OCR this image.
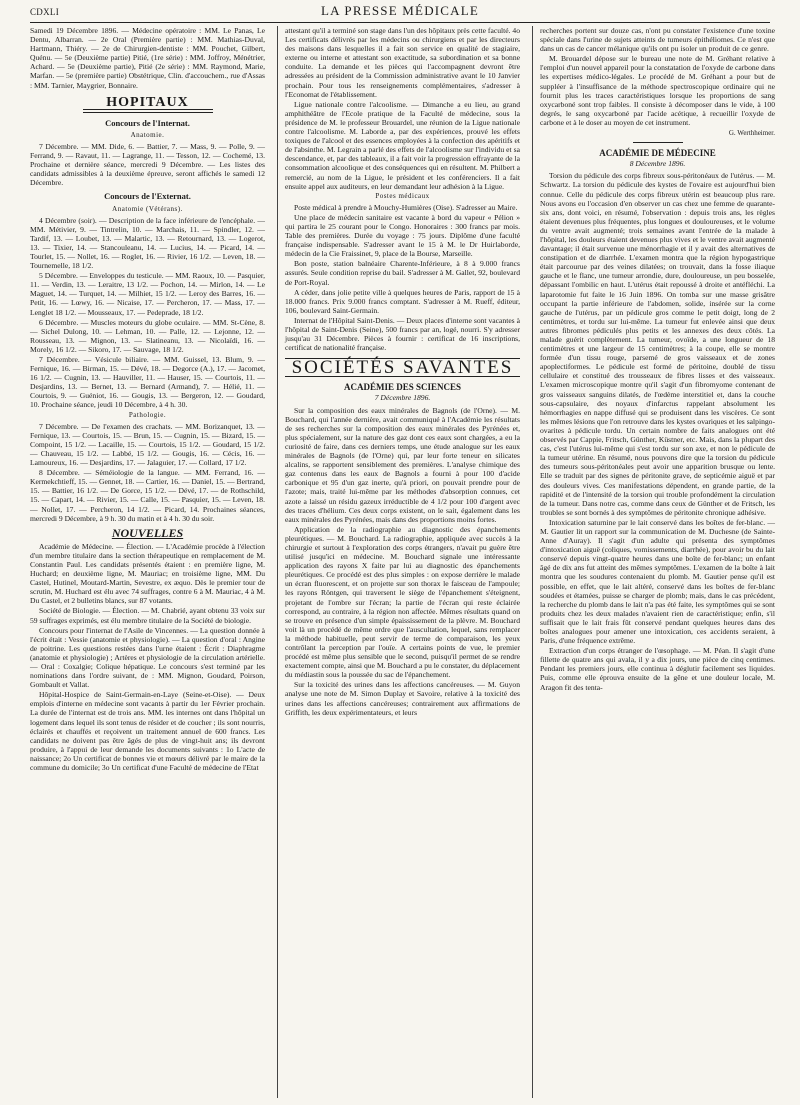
CDXLI	LA PRESSE MÉDICALE

Samedi 19 Décembre 1896. — Médecine opératoire : MM. Le Panas, Le Dentu, Albarran. — 2e Oral (Première partie) : MM. Mathias-Duval, Hartmann, Thiéry. — 2e de Chirurgien-dentiste : MM. Pouchet, Gilbert, Quénu. — 5e (Deuxième partie) Pitié, (1re série) : MM. Joffroy, Ménétrier, Achard. — 5e (Deuxième partie), Pitié (2e série) : MM. Raymond, Marie, Marfan. — 5e (première partie) Obstétrique, Clin. d'accouchem., rue d'Assas : MM. Tarnier, Maygrier, Bonnaire.

HOPITAUX
Concours de l'Internat.
Anatomie.

7 Décembre. — MM. Dide, 6. — Battier, 7. — Mass, 9. — Polle, 9. — Ferrand, 9. — Ravaut, 11. — Lagrange, 11. — Tesson, 12. — Cochemé, 13. Prochaine et dernière séance, mercredi 9 Décembre. — Les listes des candidats admissibles à la deuxième épreuve, seront affichés le samedi 12 Décembre.

Concours de l'Externat.
Anatomie (Vétérans).

4 Décembre (soir). — Description de la face inférieure de l'encéphale. — MM. Métivier, 9. — Tintrelin, 10. — Marchais, 11. — Spindler, 12. — Tardif, 13. — Loubet, 13. — Malartic, 13. — Retournard, 13. — Logerot, 13. — Tixier, 14. — Stancouleanu, 14. — Lucius, 14. — Picard, 14. — Tourlet, 15. — Nollet, 16. — Roglet, 16. — Rivier, 16 1/2. — Leven, 18. — Tournemelle, 18 1/2.

5 Décembre. — Enveloppes du testicule. — MM. Raoux, 10. — Pasquier, 11. — Verdin, 13. — Leraitre, 13 1/2. — Pochon, 14. — Mirlon, 14. — Le Maguet, 14. — Turquet, 14. — Milhiet, 15 1/2. — Leroy des Barres, 16. — Petit, 16. — Lœwy, 16. — Nicaise, 17. — Percheron, 17. — Mass, 17. — Lenglet 18 1/2. — Mousseaux, 17. — Pedeprade, 18 1/2.

6 Décembre. — Muscles moteurs du globe oculaire. — MM. St-Cène, 8. — Sichel Dulong, 10. — Lehman, 10. — Palle, 12. — Lejonne, 12. — Rousseau, 13. — Mignon, 13. — Slatineanu, 13. — Nicolaïdi, 16. — Morely, 16 1/2. — Sikoro, 17. — Sauvage, 18 1/2.

7 Décembre. — Vésicule biliaire. — MM. Guissel, 13. Blum, 9. — Fernique, 16. — Birman, 15. — Dévé, 18. — Degorce (A.), 17. — Jacomet, 16 1/2. — Cugnin, 13. — Hauviller, 11. — Hauser, 15. — Courtois, 11. — Desjardins, 13. — Bernet, 13. — Bernard (Armand), 7. — Hélié, 11. — Courtois, 9. — Guéniot, 16. — Gougis, 13. — Bergeron, 12. — Goudard, 10. Prochaine séance, jeudi 10 Décembre, à 4 h. 30.

Pathologie.

7 Décembre. — De l'examen des crachats. — MM. Borizanquet, 13. — Fernique, 13. — Courtois, 15. — Brun, 15. — Cugnin, 15. — Bizard, 15. — Compoint, 15 1/2. — Lacaille, 15. — Courtois, 15 1/2. — Goudard, 15 1/2. — Chauveau, 15 1/2. — Labbé, 15 1/2. — Gougis, 16. — Cécis, 16. — Lamoureux, 16. — Desjardins, 17. — Jalaguier, 17. — Collard, 17 1/2.

8 Décembre. — Séméiologie de la langue. — MM. Ferrand, 16. — Kermekchtieff, 15. — Gennet, 18. — Cartier, 16. — Daniel, 15. — Bertrand, 15. — Battier, 16 1/2. — De Gorce, 15 1/2. — Dévé, 17. — de Rothschild, 15. — Capart, 14. — Rivier, 15. — Calle, 15. — Pasquier, 15. — Leven, 18. — Nollet, 17. — Percheron, 14 1/2. — Picard, 14. Prochaines séances, mercredi 9 Décembre, à 9 h. 30 du matin et à 4 h. 30 du soir.

NOUVELLES

Académie de Médecine. — Élection. — L'Académie procède à l'élection d'un membre titulaire dans la section thérapeutique en remplacement de M. Constantin Paul. Les candidats présentés étaient : en première ligne, M. Huchard; en deuxième ligne, M. Mauriac; en troisième ligne, MM. Du Castel, Hutinel, Moutard-Martin, Sevestre, ex æquo. Dès le premier tour de scrutin, M. Huchard est élu avec 74 suffrages, contre 6 à M. Mauriac, 4 à M. Du Castel, et 2 bulletins blancs, sur 87 votants.

Société de Biologie. — Élection. — M. Chabrié, ayant obtenu 33 voix sur 59 suffrages exprimés, est élu membre titulaire de la Société de biologie.

Concours pour l'internat de l'Asile de Vincennes. — La question donnée à l'écrit était : Vessie (anatomie et physiologie). — La question d'oral : Angine de poitrine. Les questions restées dans l'urne étaient : Écrit : Diaphragme (anatomie et physiologie) ; Artères et physiologie de la circulation artérielle. — Oral : Coxalgie; Colique hépatique. Le concours s'est terminé par les nominations dans l'ordre suivant, de : MM. Mignon, Goudard, Poirson, Gombault et Vallat.

Hôpital-Hospice de Saint-Germain-en-Laye (Seine-et-Oise). — Deux emplois d'interne en médecine sont vacants à partir du 1er Février prochain. La durée de l'internat est de trois ans. MM. les internes ont dans l'hôpital un logement dans lequel ils sont tenus de résider et de coucher ; ils sont nourris, éclairés et chauffés et reçoivent un traitement annuel de 600 francs. Les candidats ne doivent pas être âgés de plus de vingt-huit ans; ils devront produire, à l'appui de leur demande les documents suivants : 1o L'acte de naissance; 2o Un certificat de bonnes vie et mœurs délivré par le maire de la commune du domicile; 3o Un certificat d'une Faculté de médecine de l'Etat

attestant qu'il a terminé son stage dans l'un des hôpitaux près cette faculté. 4o Les certificats délivrés par les médecins ou chirurgiens et par les directeurs des maisons dans lesquelles il a fait son service en qualité de stagiaire, externe ou interne et attestant son exactitude, sa subordination et sa bonne conduite. La demande et les pièces qui l'accompagnent devront être adressées au président de la Commission administrative avant le 10 Janvier prochain. Pour tous les renseignements complémentaires, s'adresser à l'Economat de l'établissement.

Ligue nationale contre l'alcoolisme. — Dimanche a eu lieu, au grand amphithéâtre de l'Ecole pratique de la Faculté de médecine, sous la présidence de M. le professeur Brouardel, une réunion de la Ligue nationale contre l'alcoolisme. M. Laborde a, par des expériences, prouvé les effets toxiques de l'alcool et des essences employées à la confection des apéritifs et de l'absinthe. M. Legrain a parlé des effets de l'alcoolisme sur l'individu et sa descendance, et, par des tableaux, il a fait voir la progression effrayante de la consommation alcoolique et des conséquences qui en résultent. M. Philbert a remercié, au nom de la Ligue, le président et les conférenciers. Il a fait ensuite appel aux auditeurs, en leur demandant leur adhésion à la Ligue.

Postes médicaux

Poste médical à prendre à Mouchy-Humières (Oise). S'adresser au Maire.

Une place de médecin sanitaire est vacante à bord du vapeur « Pélion » qui partira le 25 courant pour le Congo. Honoraires : 300 francs par mois. Table des premières. Durée du voyage : 75 jours. Diplôme d'une faculté française indispensable. S'adresser avant le 15 à M. le Dr Huirlaborde, médecin de la Cie Fraissinet, 9, place de la Bourse, Marseille.

Bon poste, station balnéaire Charente-Inférieure, à 8 à 9.000 francs assurés. Seule condition reprise du bail. S'adresser à M. Gallet, 92, boulevard de Port-Royal.

A céder, dans jolie petite ville à quelques heures de Paris, rapport de 15 à 18.000 francs. Prix 9.000 francs comptant. S'adresser à M. Rueff, éditeur, 106, boulevard Saint-Germain.

Internat de l'Hôpital Saint-Denis. — Deux places d'interne sont vacantes à l'hôpital de Saint-Denis (Seine), 500 francs par an, logé, nourri. S'y adresser jusqu'au 31 Décembre. Pièces à fournir : certificat de 16 inscriptions, certificat de nationalité française.

SOCIÉTÉS SAVANTES
ACADÉMIE DES SCIENCES
7 Décembre 1896.

Sur la composition des eaux minérales de Bagnols (de l'Orne). — M. Bouchard, qui l'année dernière, avait communiqué à l'Académie les résultats de ses recherches sur la composition des eaux minérales des Pyrénées et, plus spécialement, sur la nature des gaz dont ces eaux sont chargées, a eu la curiosité de faire, dans ces derniers temps, une étude analogue sur les eaux minérales de Bagnols (de l'Orne) qui, par leur forte teneur en silicates alcalins, se rapportent sensiblement des premières. L'analyse chimique des gaz contenus dans les eaux de Bagnols a fourni à pour 100 d'acide carbonique et 95 d'un gaz inerte, qu'à priori, on pouvait prendre pour de l'azote; mais, traité lui-même par les méthodes d'absorption connues, cet azote a laissé un résidu gazeux irréductible de 4 1/2 pour 100 d'argent avec des traces d'hélium. Ces deux corps existent, on le sait, également dans les eaux minérales des Pyrénées, mais dans des proportions moins fortes.

Application de la radiographie au diagnostic des épanchements pleurétiques. — M. Bouchard. La radiographie, appliquée avec succès à la chirurgie et surtout à l'exploration des corps étrangers, n'avait pu guère être utilisé jusqu'ici en médecine. M. Bouchard signale une intéressante application des rayons X faite par lui au diagnostic des épanchements pleurétiques. Ce procédé est des plus simples : on expose derrière le malade un écran fluorescent, et on projette sur son thorax le faisceau de l'ampoule; les rayons Röntgen, qui traversent le siège de l'épanchement s'éteignent, projetant de l'ombre sur l'écran; la partie de l'écran qui reste éclairée correspond, au contraire, à la région non affectée. Mêmes résultats quand on se trouve en présence d'un simple épaississement de la plèvre. M. Bouchard voit là un procédé de même ordre que l'auscultation, lequel, sans remplacer la méthode habituelle, peut servir de terme de comparaison, les yeux contrôlant la perception par l'ouïe. A certains points de vue, le premier procédé est même plus sensible que le second, puisqu'il permet de se rendre exactement compte, ainsi que M. Bouchard a pu le constater, du déplacement du médiastin sous la poussée du sac de l'épanchement.

Sur la toxicité des urines dans les affections cancéreuses. — M. Guyon analyse une note de M. Simon Duplay et Savoire, relative à la toxicité des urines dans les affections cancéreuses; contrairement aux affirmations de Griffith, les deux expérimentateurs, et leurs

recherches portent sur douze cas, n'ont pu constater l'existence d'une toxine spéciale dans l'urine de sujets atteints de tumeurs épithéliomes. Ce n'est que dans un cas de cancer mélanique qu'ils ont pu isoler un produit de ce genre.

M. Brouardel dépose sur le bureau une note de M. Gréhant relative à l'emploi d'un nouvel appareil pour la constatation de l'oxyde de carbone dans les expertises médico-légales. Le procédé de M. Gréhant a pour but de suppléer à l'insuffisance de la méthode spectroscopique ordinaire qui ne fournit plus les traces caractéristiques lorsque les proportions de sang oxycarboné sont trop faibles. Il consiste à décomposer dans le vide, à 100 degrés, le sang oxycarboné par l'acide acétique, à recueillir l'oxyde de carbone et à le doser au moyen de cet instrument.

G. Werthheimer.
ACADÉMIE DE MÉDECINE
8 Décembre 1896.

Torsion du pédicule des corps fibreux sous-péritonéaux de l'utérus. — M. Schwartz. La torsion du pédicule des kystes de l'ovaire est aujourd'hui bien connue. Celle du pédicule des corps fibreux utérin est beaucoup plus rare. Nous avons eu l'occasion d'en observer un cas chez une femme de quarante-six ans, dont voici, en résumé, l'observation : depuis trois ans, les règles étaient devenues plus fréquentes, plus longues et douloureuses, et le volume du ventre avait augmenté; trois semaines avant l'entrée de la malade à l'hôpital, les douleurs étaient devenues plus vives et le ventre avait augmenté davantage; il était survenue une ménorrhagie et il y avait des alternatives de constipation et de diarrhée. L'examen montra que la région hypogastrique était parcourue par des veines dilatées; on trouvait, dans la fosse iliaque gauche et le flanc, une tumeur arrondie, dure, douloureuse, un peu bosselée, dépassant l'ombilic en haut. L'utérus était repoussé à droite et antéfléchi. La laparotomie fut faite le 16 Juin 1896. On tomba sur une masse grisâtre occupant la partie inférieure de l'abdomen, solide, insérée sur la corne gauche de l'utérus, par un pédicule gros comme le petit doigt, long de 2 centimètres, et tordu sur lui-même. La tumeur fut enlevée ainsi que deux autres fibromes pédiculés plus petits et les annexes des deux côtés. La malade guérit complètement. La tumeur, ovoïde, a une longueur de 18 centimètres et une largeur de 15 centimètres; à la coupe, elle se montre formée d'un tissu rouge, parsemé de gros vaisseaux et de zones apoplectiformes. Le pédicule est formé de péritoine, doublé de tissu cellulaire et constitué des trousseaux de fibres lisses et des vaisseaux. L'examen microscopique montre qu'il s'agit d'un fibromyome contenant de gros vaisseaux sanguins dilatés, de l'œdème interstitiel et, dans la couche sous-capsulaire, des noyaux d'infarctus rappelant absolument les hémorrhagies en nappe diffusé qui se produisent dans les viscères. Ce sont les mêmes lésions que l'on retrouve dans les kystes ovariques et les salpingo-ovarites à pédicule tordu. Un certain nombre de faits analogues ont été observés par Cappie, Fritsch, Günther, Küstner, etc. Mais, dans la plupart des cas, c'est l'utérus lui-même qui s'est tordu sur son axe, et non le pédicule de la tumeur utérine. En résumé, nous pouvons dire que la torsion du pédicule des tumeurs sous-péritonéales peut avoir une apparition brusque ou lente. Elle se traduit par des signes de péritonite grave, de septicémie aiguë et par des douleurs vives. Ces manifestations dépendent, en grande partie, de la rapidité et de l'intensité de la torsion qui trouble profondément la circulation de la tumeur. Dans notre cas, comme dans ceux de Günther et de Fritsch, les troubles se sont bornés à des symptômes de péritonite chronique adhésive.

Intoxication saturnine par le lait conservé dans les boîtes de fer-blanc. — M. Gautier lit un rapport sur la communication de M. Duchesne (de Sainte-Anne d'Auray). Il s'agit d'un adulte qui présenta des symptômes d'intoxication aiguë (coliques, vomissements, diarrhée), pour avoir bu du lait conservé depuis vingt-quatre heures dans une boîte de fer-blanc; un enfant âgé de dix ans fut atteint des mêmes symptômes. L'examen de la boîte à lait montra que les soudures contenaient du plomb. M. Gautier pense qu'il est possible, en effet, que le lait altéré, conservé dans les boîtes de fer-blanc soudées et étamées, puisse se charger de plomb; mais, dans le cas précédent, la recherche du plomb dans le lait n'a pas été faite, les symptômes qui se sont produits chez les deux malades n'avaient rien de caractéristique; enfin, s'il suffisait que le lait frais fût conservé pendant quelques heures dans des boîtes analogues pour amener une intoxication, ces accidents seraient, à Paris, d'une fréquence extrême.

Extraction d'un corps étranger de l'œsophage. — M. Péan. Il s'agit d'une fillette de quatre ans qui avala, il y a dix jours, une pièce de cinq centimes. Pendant les premiers jours, elle continua à déglutir facilement ses liquides. Puis, comme elle éprouva ensuite de la gêne et une douleur locale, M. Aragon fit des tenta-
